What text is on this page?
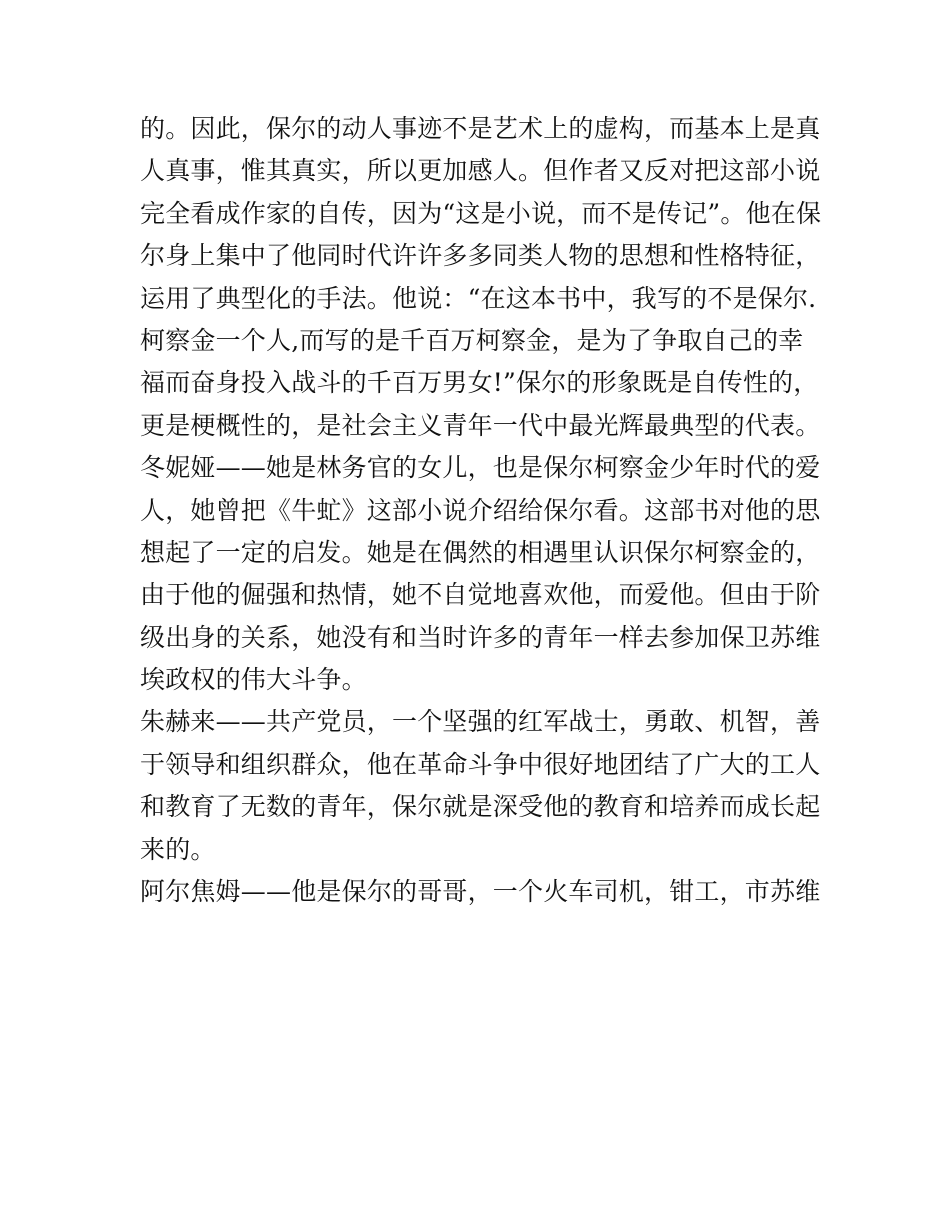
的。因此，保尔的动人事迹不是艺术上的虚构，而基本上是真
人真事，惟其真实，所以更加感人。但作者又反对把这部小说
完全看成作家的自传，因为“这是小说，而不是传记”。他在保
尔身上集中了他同时代许许多多同类人物的思想和性格特征，
运用了典型化的手法。他说：“在这本书中，我写的不是保尔.
柯察金一个人,而写的是千百万柯察金，是为了争取自己的幸
福而奋身投入战斗的千百万男女!”保尔的形象既是自传性的，
更是梗概性的，是社会主义青年一代中最光辉最典型的代表。
冬妮娅——她是林务官的女儿，也是保尔柯察金少年时代的爱
人，她曾把《牛虻》这部小说介绍给保尔看。这部书对他的思
想起了一定的启发。她是在偶然的相遇里认识保尔柯察金的，
由于他的倔强和热情，她不自觉地喜欢他，而爱他。但由于阶
级出身的关系，她没有和当时许多的青年一样去参加保卫苏维
埃政权的伟大斗争。
朱赫来——共产党员，一个坚强的红军战士，勇敢、机智，善
于领导和组织群众，他在革命斗争中很好地团结了广大的工人
和教育了无数的青年，保尔就是深受他的教育和培养而成长起
来的。
阿尔焦姆——他是保尔的哥哥，一个火车司机，钳工，市苏维
